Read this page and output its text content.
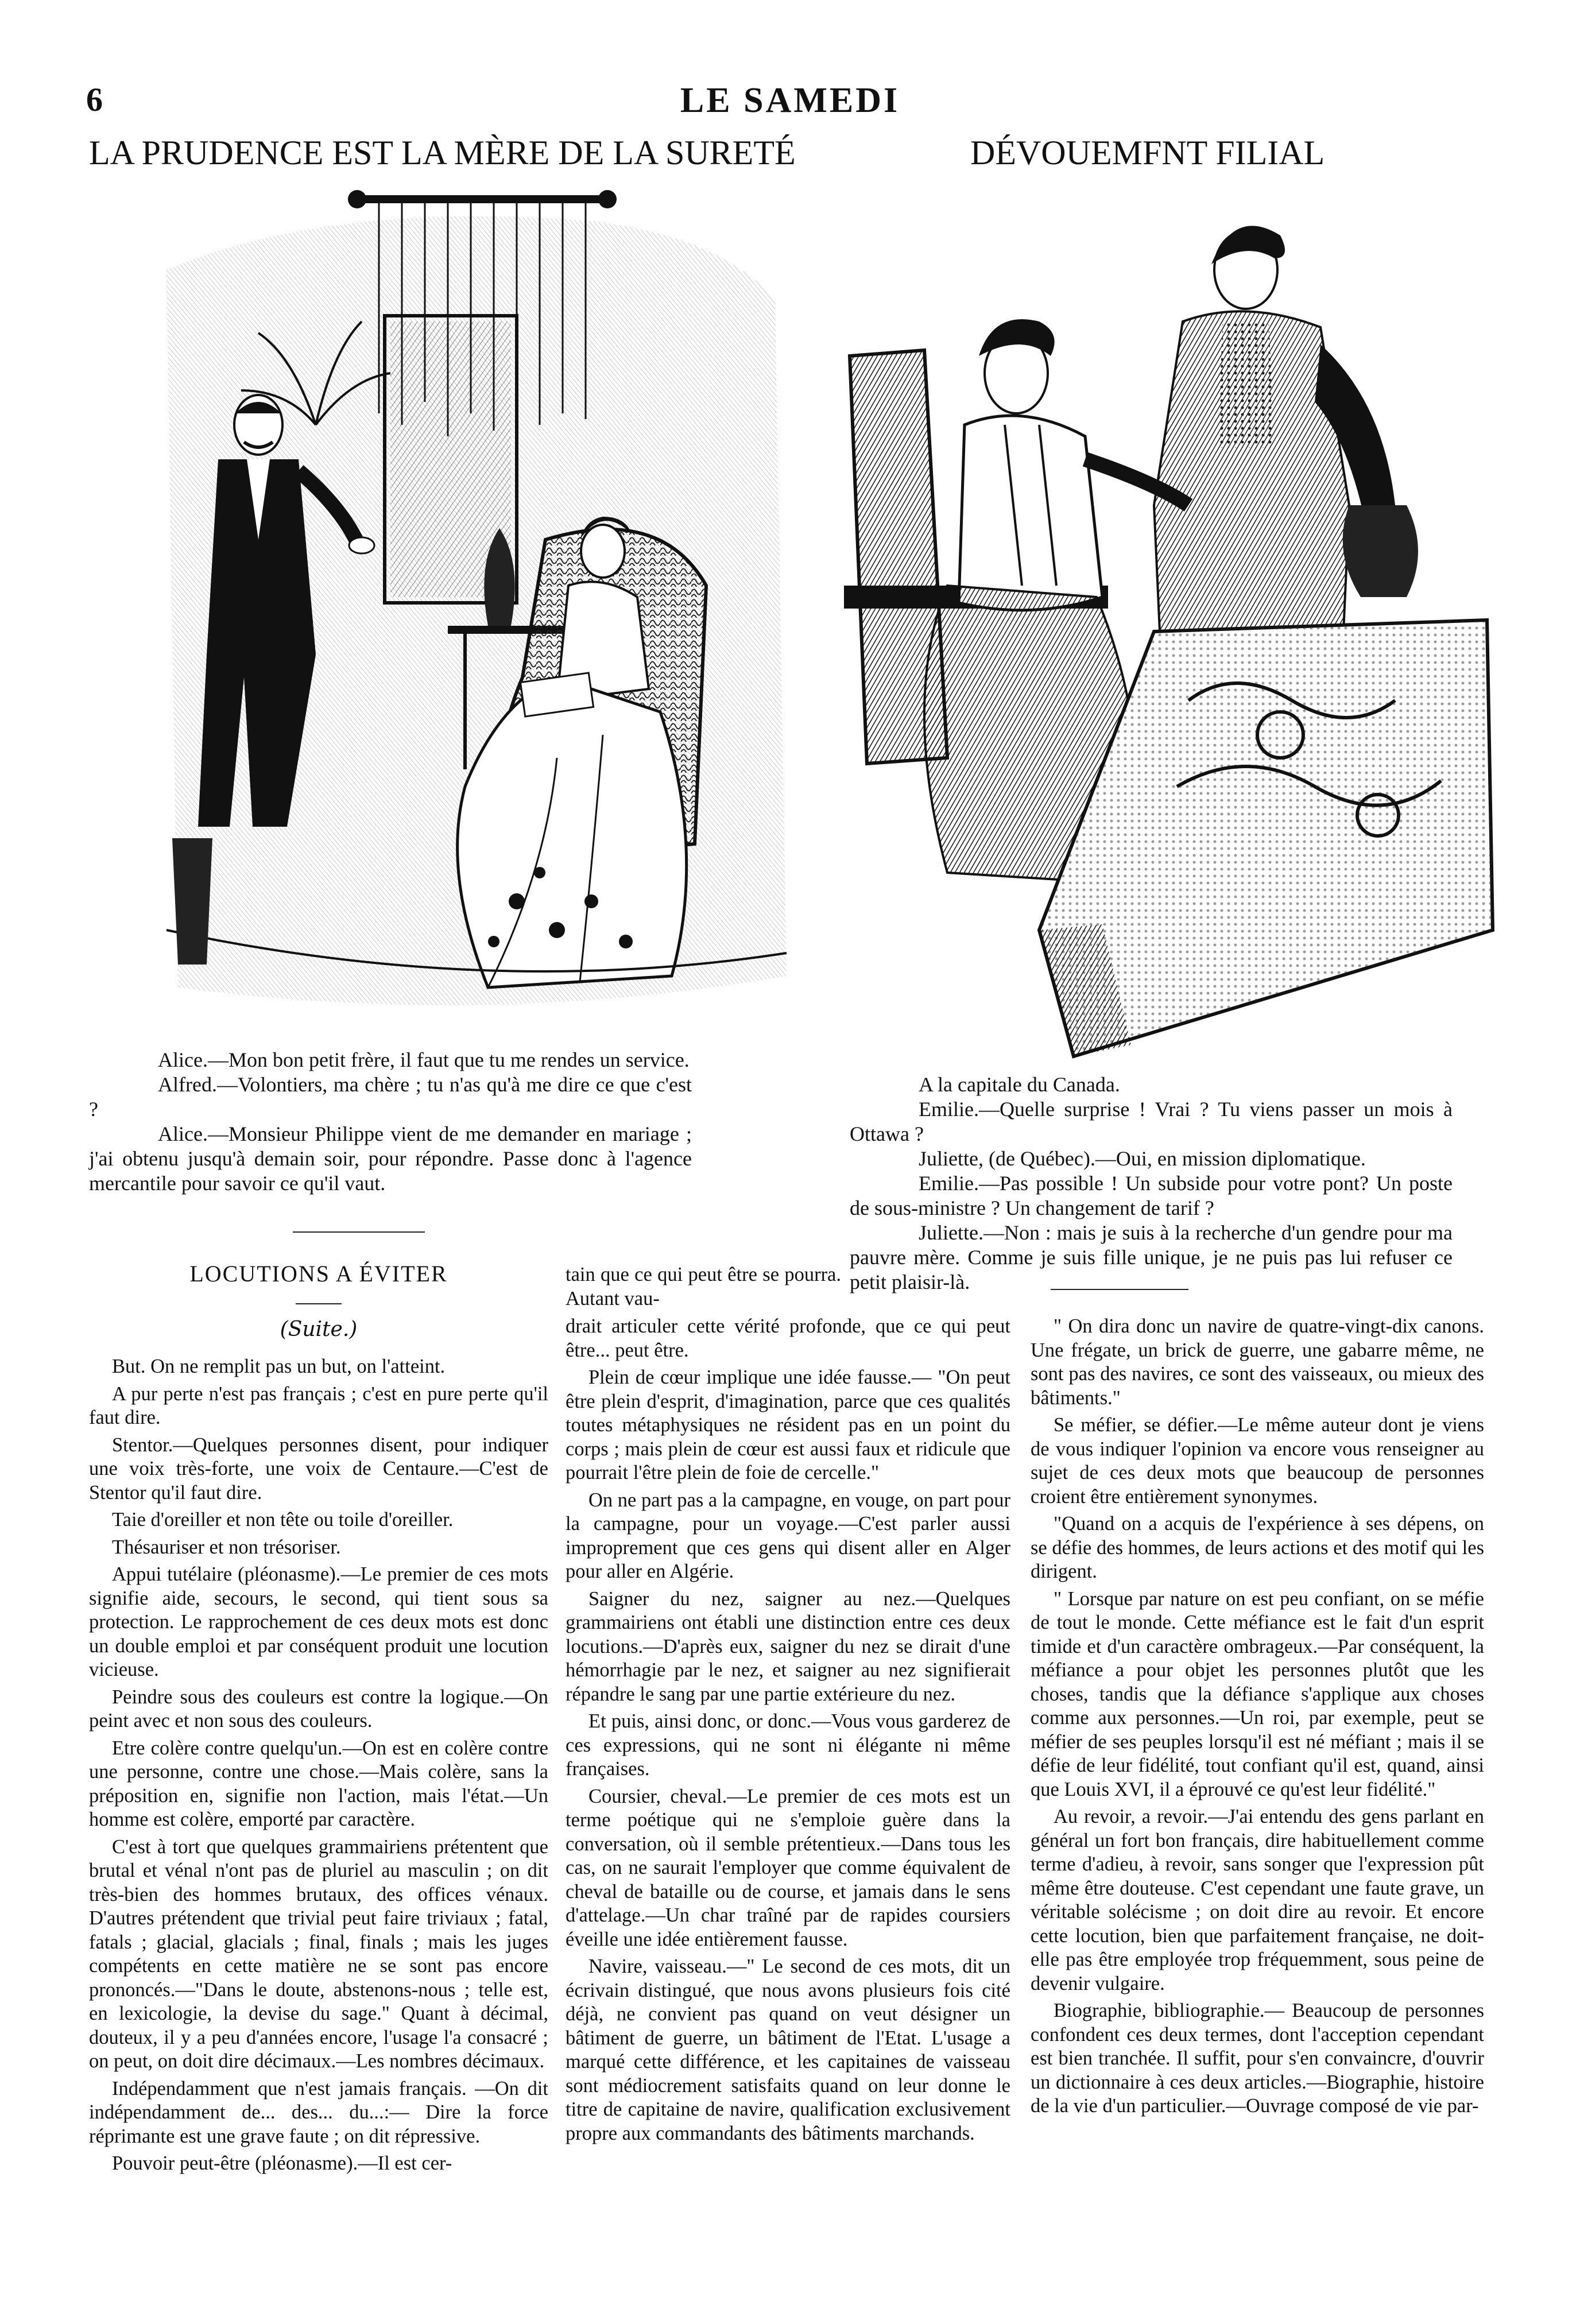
6	LE SAMEDI
LA PRUDENCE EST LA MÈRE DE LA SURETÉ	DÉVOUEMFNT FILIAL

Alice.—Mon bon petit frère, il faut que tu me rendes un service.

Alfred.—Volontiers, ma chère ; tu n'as qu'à me dire ce que c'est ?

Alice.—Monsieur Philippe vient de me demander en mariage ; j'ai obtenu jusqu'à demain soir, pour répondre. Passe donc à l'agence mercantile pour savoir ce qu'il vaut.

A la capitale du Canada.

Emilie.—Quelle surprise ! Vrai ? Tu viens passer un mois à Ottawa ?

Juliette, (de Québec).—Oui, en mission diplomatique.

Emilie.—Pas possible ! Un subside pour votre pont? Un poste de sous-ministre ? Un changement de tarif ?

Juliette.—Non : mais je suis à la recherche d'un gendre pour ma pauvre mère. Comme je suis fille unique, je ne puis pas lui refuser ce petit plaisir-là.

LOCUTIONS A ÉVITER
(Suite.)

But. On ne remplit pas un but, on l'atteint.

A pur perte n'est pas français ; c'est en pure perte qu'il faut dire.

Stentor.—Quelques personnes disent, pour indiquer une voix très-forte, une voix de Centaure.—C'est de Stentor qu'il faut dire.

Taie d'oreiller et non tête ou toile d'oreiller.

Thésauriser et non trésoriser.

Appui tutélaire (pléonasme).—Le premier de ces mots signifie aide, secours, le second, qui tient sous sa protection. Le rapprochement de ces deux mots est donc un double emploi et par conséquent produit une locution vicieuse.

Peindre sous des couleurs est contre la logique.—On peint avec et non sous des couleurs.

Etre colère contre quelqu'un.—On est en colère contre une personne, contre une chose.—Mais colère, sans la préposition en, signifie non l'action, mais l'état.—Un homme est colère, emporté par caractère.

C'est à tort que quelques grammairiens prétentent que brutal et vénal n'ont pas de pluriel au masculin ; on dit très-bien des hommes brutaux, des offices vénaux. D'autres prétendent que trivial peut faire triviaux ; fatal, fatals ; glacial, glacials ; final, finals ; mais les juges compétents en cette matière ne se sont pas encore prononcés.—"Dans le doute, abstenons-nous ; telle est, en lexicologie, la devise du sage." Quant à décimal, douteux, il y a peu d'années encore, l'usage l'a consacré ; on peut, on doit dire décimaux.—Les nombres décimaux.

Indépendamment que n'est jamais français. —On dit indépendamment de... des... du...:— Dire la force réprimante est une grave faute ; on dit répressive.

Pouvoir peut-être (pléonasme).—Il est cer-

tain que ce qui peut être se pourra. Autant vau-

drait articuler cette vérité profonde, que ce qui peut être... peut être.

Plein de cœur implique une idée fausse.— "On peut être plein d'esprit, d'imagination, parce que ces qualités toutes métaphysiques ne résident pas en un point du corps ; mais plein de cœur est aussi faux et ridicule que pourrait l'être plein de foie de cercelle."

On ne part pas a la campagne, en vouge, on part pour la campagne, pour un voyage.—C'est parler aussi improprement que ces gens qui disent aller en Alger pour aller en Algérie.

Saigner du nez, saigner au nez.—Quelques grammairiens ont établi une distinction entre ces deux locutions.—D'après eux, saigner du nez se dirait d'une hémorrhagie par le nez, et saigner au nez signifierait répandre le sang par une partie extérieure du nez.

Et puis, ainsi donc, or donc.—Vous vous garderez de ces expressions, qui ne sont ni élégante ni même françaises.

Coursier, cheval.—Le premier de ces mots est un terme poétique qui ne s'emploie guère dans la conversation, où il semble prétentieux.—Dans tous les cas, on ne saurait l'employer que comme équivalent de cheval de bataille ou de course, et jamais dans le sens d'attelage.—Un char traîné par de rapides coursiers éveille une idée entièrement fausse.

Navire, vaisseau.—" Le second de ces mots, dit un écrivain distingué, que nous avons plusieurs fois cité déjà, ne convient pas quand on veut désigner un bâtiment de guerre, un bâtiment de l'Etat. L'usage a marqué cette différence, et les capitaines de vaisseau sont médiocrement satisfaits quand on leur donne le titre de capitaine de navire, qualification exclusivement propre aux commandants des bâtiments marchands.

" On dira donc un navire de quatre-vingt-dix canons. Une frégate, un brick de guerre, une gabarre même, ne sont pas des navires, ce sont des vaisseaux, ou mieux des bâtiments."

Se méfier, se défier.—Le même auteur dont je viens de vous indiquer l'opinion va encore vous renseigner au sujet de ces deux mots que beaucoup de personnes croient être entièrement synonymes.

"Quand on a acquis de l'expérience à ses dépens, on se défie des hommes, de leurs actions et des motif qui les dirigent.

" Lorsque par nature on est peu confiant, on se méfie de tout le monde. Cette méfiance est le fait d'un esprit timide et d'un caractère ombrageux.—Par conséquent, la méfiance a pour objet les personnes plutôt que les choses, tandis que la défiance s'applique aux choses comme aux personnes.—Un roi, par exemple, peut se méfier de ses peuples lorsqu'il est né méfiant ; mais il se défie de leur fidélité, tout confiant qu'il est, quand, ainsi que Louis XVI, il a éprouvé ce qu'est leur fidélité."

Au revoir, a revoir.—J'ai entendu des gens parlant en général un fort bon français, dire habituellement comme terme d'adieu, à revoir, sans songer que l'expression pût même être douteuse. C'est cependant une faute grave, un véritable solécisme ; on doit dire au revoir. Et encore cette locution, bien que parfaitement française, ne doit-elle pas être employée trop fréquemment, sous peine de devenir vulgaire.

Biographie, bibliographie.— Beaucoup de personnes confondent ces deux termes, dont l'acception cependant est bien tranchée. Il suffit, pour s'en convaincre, d'ouvrir un dictionnaire à ces deux articles.—Biographie, histoire de la vie d'un particulier.—Ouvrage composé de vie par-
